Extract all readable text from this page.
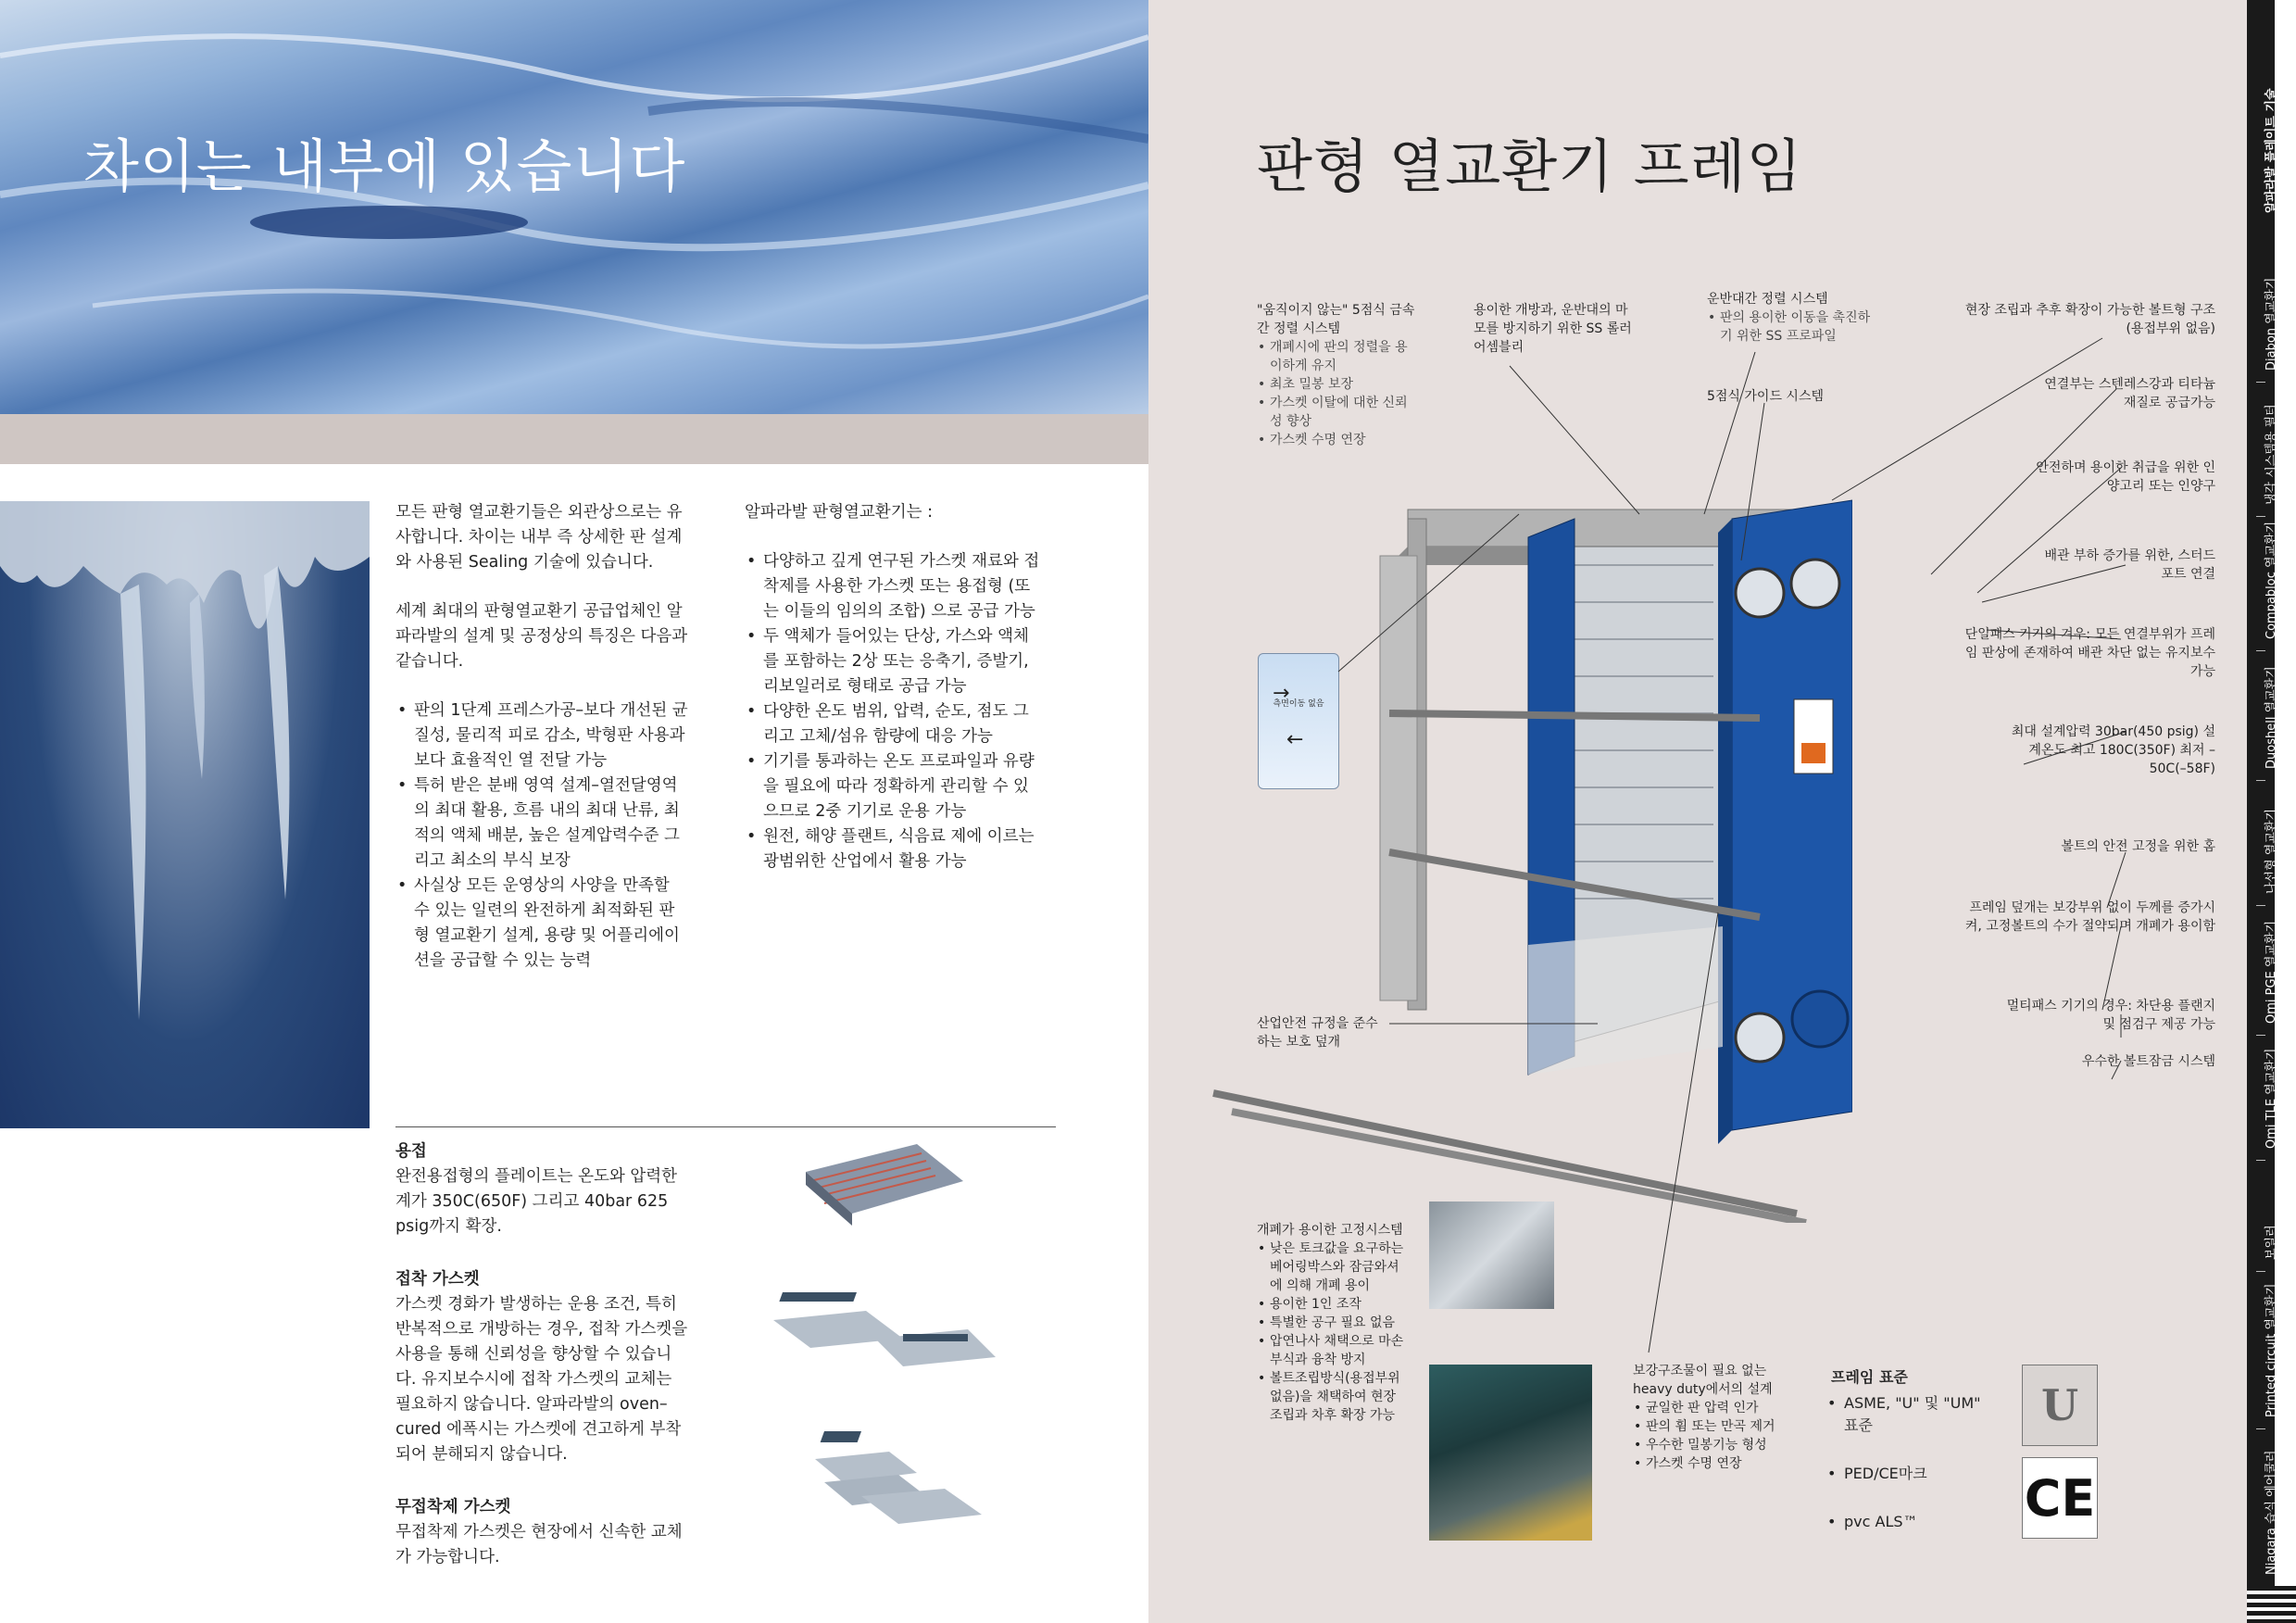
차이는 내부에 있습니다

모든 판형 열교환기들은 외관상으로는 유사합니다. 차이는 내부 즉 상세한 판 설계와 사용된 Sealing 기술에 있습니다.

세계 최대의 판형열교환기 공급업체인 알파라발의 설계 및 공정상의 특징은 다음과 같습니다.

• 판의 1단계 프레스가공–보다 개선된 균질성, 물리적 피로 감소, 박형판 사용과 보다 효율적인 열 전달 가능
• 특허 받은 분배 영역 설계–열전달영역의 최대 활용, 흐름 내의 최대 난류, 최적의 액체 배분, 높은 설계압력수준 그리고 최소의 부식 보장
• 사실상 모든 운영상의 사양을 만족할 수 있는 일련의 완전하게 최적화된 판형 열교환기 설계, 용량 및 어플리에이션을 공급할 수 있는 능력

알파라발 판형열교환기는 :

• 다양하고 깊게 연구된 가스켓 재료와 접착제를 사용한 가스켓 또는 용접형 (또는 이들의 임의의 조합) 으로 공급 가능
• 두 액체가 들어있는 단상, 가스와 액체를 포함하는 2상 또는 응축기, 증발기, 리보일러로 형태로 공급 가능
• 다양한 온도 범위, 압력, 순도, 점도 그리고 고체/섬유 함량에 대응 가능
• 기기를 통과하는 온도 프로파일과 유량을 필요에 따라 정확하게 관리할 수 있으므로 2중 기기로 운용 가능
• 원전, 해양 플랜트, 식음료 제에 이르는 광범위한 산업에서 활용 가능
용접
완전용접형의 플레이트는 온도와 압력한계가 350C(650F) 그리고 40bar 625 psig까지 확장.
접착 가스켓
가스켓 경화가 발생하는 운용 조건, 특히 반복적으로 개방하는 경우, 접착 가스켓을 사용을 통해 신뢰성을 향상할 수 있습니다. 유지보수시에 접착 가스켓의 교체는 필요하지 않습니다. 알파라발의 oven–cured 에폭시는 가스켓에 견고하게 부착되어 분해되지 않습니다.
무접착제 가스켓
무접착제 가스켓은 현장에서 신속한 교체가 가능합니다.
판형 열교환기 프레임
→
측면이동 없음
←
"움직이지 않는" 5점식 금속간 정렬 시스템
• 개폐시에 판의 정렬을 용이하게 유지
• 최초 밀봉 보장
• 가스켓 이탈에 대한 신뢰성 향상
• 가스켓 수명 연장
용이한 개방과, 운반대의 마모를 방지하기 위한 SS 롤러 어셈블리
운반대간 정렬 시스템
• 판의 용이한 이동을 촉진하기 위한 SS 프로파일
5점식 가이드 시스템
현장 조립과 추후 확장이 가능한 볼트형 구조 (용접부위 없음)
연결부는 스텐레스강과 티타늄 재질로 공급가능
안전하며 용이한 취급을 위한 인양고리 또는 인양구
배관 부하 증가를 위한, 스터드 포트 연결
단일패스 기기의 겨우: 모든 연결부위가 프레임 판상에 존재하여 배관 차단 없는 유지보수 가능
최대 설계압력 30bar(450 psig) 설계온도 최고 180C(350F) 최저 –50C(–58F)
볼트의 안전 고정을 위한 홈
프레임 덮개는 보강부위 없이 두께를 증가시켜, 고정볼트의 수가 절약되며 개폐가 용이함
멀티패스 기기의 경우: 차단용 플랜지 및 점검구 제공 가능
우수한 볼트잠금 시스템
산업안전 규정을 준수하는 보호 덮개
개폐가 용이한 고정시스템
• 낮은 토크값을 요구하는 베어링박스와 잠금와셔에 의해 개폐 용이
• 용이한 1인 조작
• 특별한 공구 필요 없음
• 압연나사 채택으로 마손 부식과 융착 방지
• 볼트조립방식(용접부위 없음)을 채택하여 현장 조립과 차후 확장 가능
보강구조물이 필요 없는 heavy duty에서의 설계
• 균일한 판 압력 인가
• 판의 휨 또는 만곡 제거
• 우수한 밀봉기능 형성
• 가스켓 수명 연장
프레임 표준
• ASME, "U" 및 "UM" 표준
• PED/CE마크
• pvc ALS™
U
CE
알파라발 플레이트 기술
Diabon 열교환기
냉각 시스템용 필터
Compabloc 열교환기
Duoshell 열교환기
나선형 열교환기
Omi PGE 열교환기
Omi TLE 열교환기
보일러
Printed circuit 열교환기
Niagara 습식 에어쿨러
